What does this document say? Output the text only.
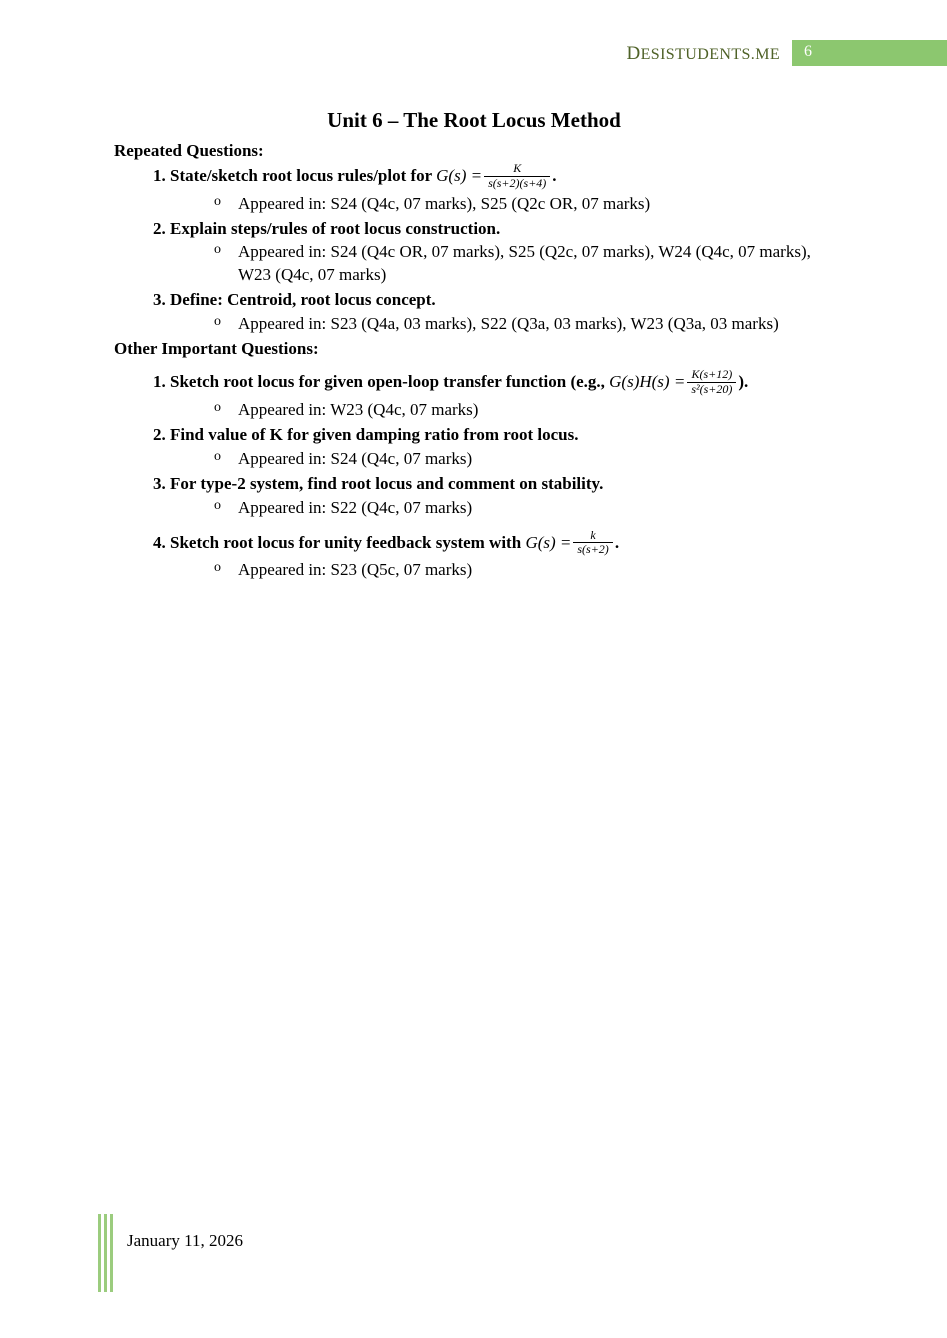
DESISTUDENTS.ME	6
Unit 6 – The Root Locus Method
Repeated Questions:
1. State/sketch root locus rules/plot for $G(s) = \frac{K}{s(s+2)(s+4)}$ .
o Appeared in: S24 (Q4c, 07 marks), S25 (Q2c OR, 07 marks)
2. Explain steps/rules of root locus construction.
o Appeared in: S24 (Q4c OR, 07 marks), S25 (Q2c, 07 marks), W24 (Q4c, 07 marks), W23 (Q4c, 07 marks)
3. Define: Centroid, root locus concept.
o Appeared in: S23 (Q4a, 03 marks), S22 (Q3a, 03 marks), W23 (Q3a, 03 marks)
Other Important Questions:
1. Sketch root locus for given open-loop transfer function (e.g., $G(s)H(s) = \frac{K(s+12)}{\text{s²(s+20)}}$ ).
o Appeared in: W23 (Q4c, 07 marks)
2. Find value of K for given damping ratio from root locus.
o Appeared in: S24 (Q4c, 07 marks)
3. For type-2 system, find root locus and comment on stability.
o Appeared in: S22 (Q4c, 07 marks)
4. Sketch root locus for unity feedback system with $G(s) = \frac{k}{s(s+2)}$ .
o Appeared in: S23 (Q5c, 07 marks)
January 11, 2026
